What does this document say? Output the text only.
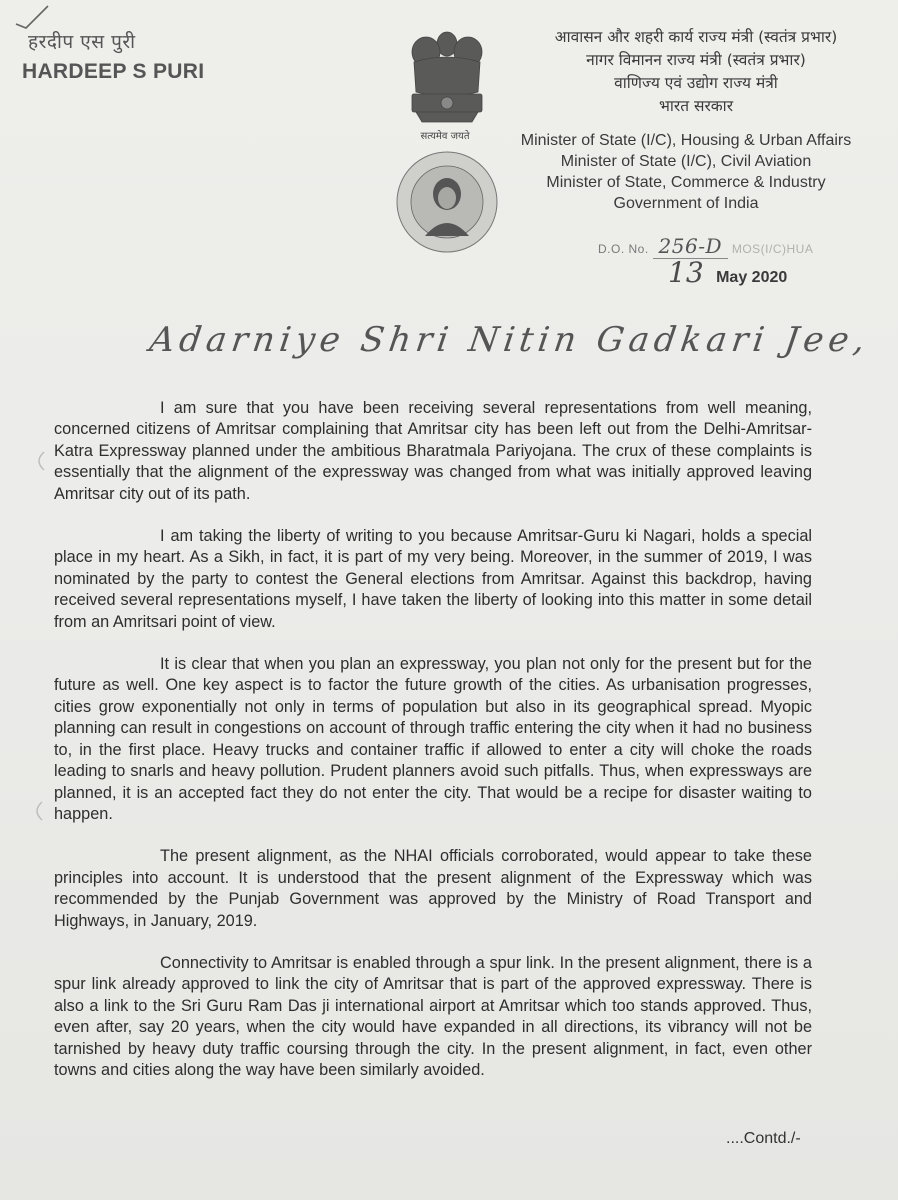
हरदीप एस पुरी
HARDEEP S PURI
सत्यमेव जयते
आवासन और शहरी कार्य राज्य मंत्री (स्वतंत्र प्रभार)
नागर विमानन राज्य मंत्री (स्वतंत्र प्रभार)
वाणिज्य एवं उद्योग राज्य मंत्री
भारत सरकार
Minister of State (I/C), Housing & Urban Affairs
Minister of State (I/C), Civil Aviation
Minister of State, Commerce & Industry
Government of India
D.O. No. 256-D MOS(I/C)HUA
13 May 2020
Adarniye Shri Nitin Gadkari Jee,

I am sure that you have been receiving several representations from well meaning, concerned citizens of Amritsar complaining that Amritsar city has been left out from the Delhi-Amritsar-Katra Expressway planned under the ambitious Bharatmala Pariyojana. The crux of these complaints is essentially that the alignment of the expressway was changed from what was initially approved leaving Amritsar city out of its path.

I am taking the liberty of writing to you because Amritsar-Guru ki Nagari, holds a special place in my heart. As a Sikh, in fact, it is part of my very being. Moreover, in the summer of 2019, I was nominated by the party to contest the General elections from Amritsar. Against this backdrop, having received several representations myself, I have taken the liberty of looking into this matter in some detail from an Amritsari point of view.

It is clear that when you plan an expressway, you plan not only for the present but for the future as well. One key aspect is to factor the future growth of the cities. As urbanisation progresses, cities grow exponentially not only in terms of population but also in its geographical spread. Myopic planning can result in congestions on account of through traffic entering the city when it had no business to, in the first place. Heavy trucks and container traffic if allowed to enter a city will choke the roads leading to snarls and heavy pollution. Prudent planners avoid such pitfalls. Thus, when expressways are planned, it is an accepted fact they do not enter the city. That would be a recipe for disaster waiting to happen.

The present alignment, as the NHAI officials corroborated, would appear to take these principles into account. It is understood that the present alignment of the Expressway which was recommended by the Punjab Government was approved by the Ministry of Road Transport and Highways, in January, 2019.

Connectivity to Amritsar is enabled through a spur link. In the present alignment, there is a spur link already approved to link the city of Amritsar that is part of the approved expressway. There is also a link to the Sri Guru Ram Das ji international airport at Amritsar which too stands approved. Thus, even after, say 20 years, when the city would have expanded in all directions, its vibrancy will not be tarnished by heavy duty traffic coursing through the city. In the present alignment, in fact, even other towns and cities along the way have been similarly avoided.

....Contd./-
